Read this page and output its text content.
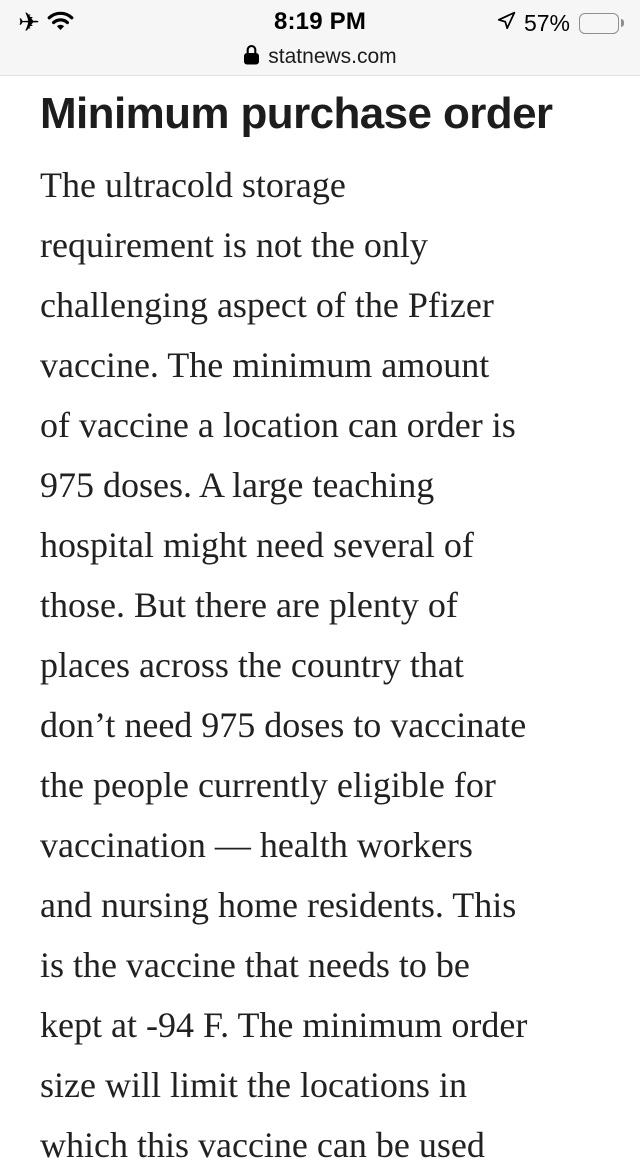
✈	8:19 PM	57%
statnews.com
Minimum purchase order
The ultracold storage
requirement is not the only
challenging aspect of the Pfizer
vaccine. The minimum amount
of vaccine a location can order is
975 doses. A large teaching
hospital might need several of
those. But there are plenty of
places across the country that
don’t need 975 doses to vaccinate
the people currently eligible for
vaccination — health workers
and nursing home residents. This
is the vaccine that needs to be
kept at -94 F. The minimum order
size will limit the locations in
which this vaccine can be used
